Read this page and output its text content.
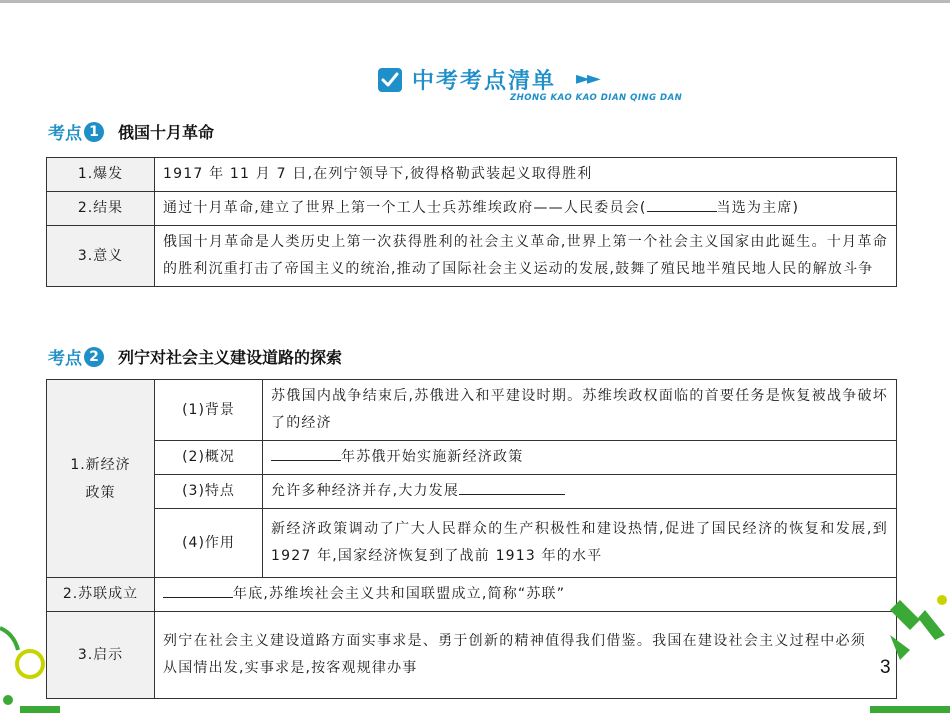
中考考点清单 ►►
ZHONG KAO KAO DIAN QING DAN
考点 1 俄国十月革命
1.爆发	1917 年 11 月 7 日,在列宁领导下,彼得格勒武装起义取得胜利
2.结果	通过十月革命,建立了世界上第一个工人士兵苏维埃政府——人民委员会( 当选为主席)
3.意义	俄国十月革命是人类历史上第一次获得胜利的社会主义革命,世界上第一个社会主义国家由此诞生。十月革命的胜利沉重打击了帝国主义的统治,推动了国际社会主义运动的发展,鼓舞了殖民地半殖民地人民的解放斗争
考点 2 列宁对社会主义建设道路的探索
1.新经济政策	(1)背景	苏俄国内战争结束后,苏俄进入和平建设时期。苏维埃政权面临的首要任务是恢复被战争破坏了的经济
	(2)概况	年苏俄开始实施新经济政策
	(3)特点	允许多种经济并存,大力发展
	(4)作用	新经济政策调动了广大人民群众的生产积极性和建设热情,促进了国民经济的恢复和发展,到 1927 年,国家经济恢复到了战前 1913 年的水平
2.苏联成立	年底,苏维埃社会主义共和国联盟成立,简称“苏联”	
3.启示	列宁在社会主义建设道路方面实事求是、勇于创新的精神值得我们借鉴。我国在建设社会主义过程中必须从国情出发,实事求是,按客观规律办事		3
